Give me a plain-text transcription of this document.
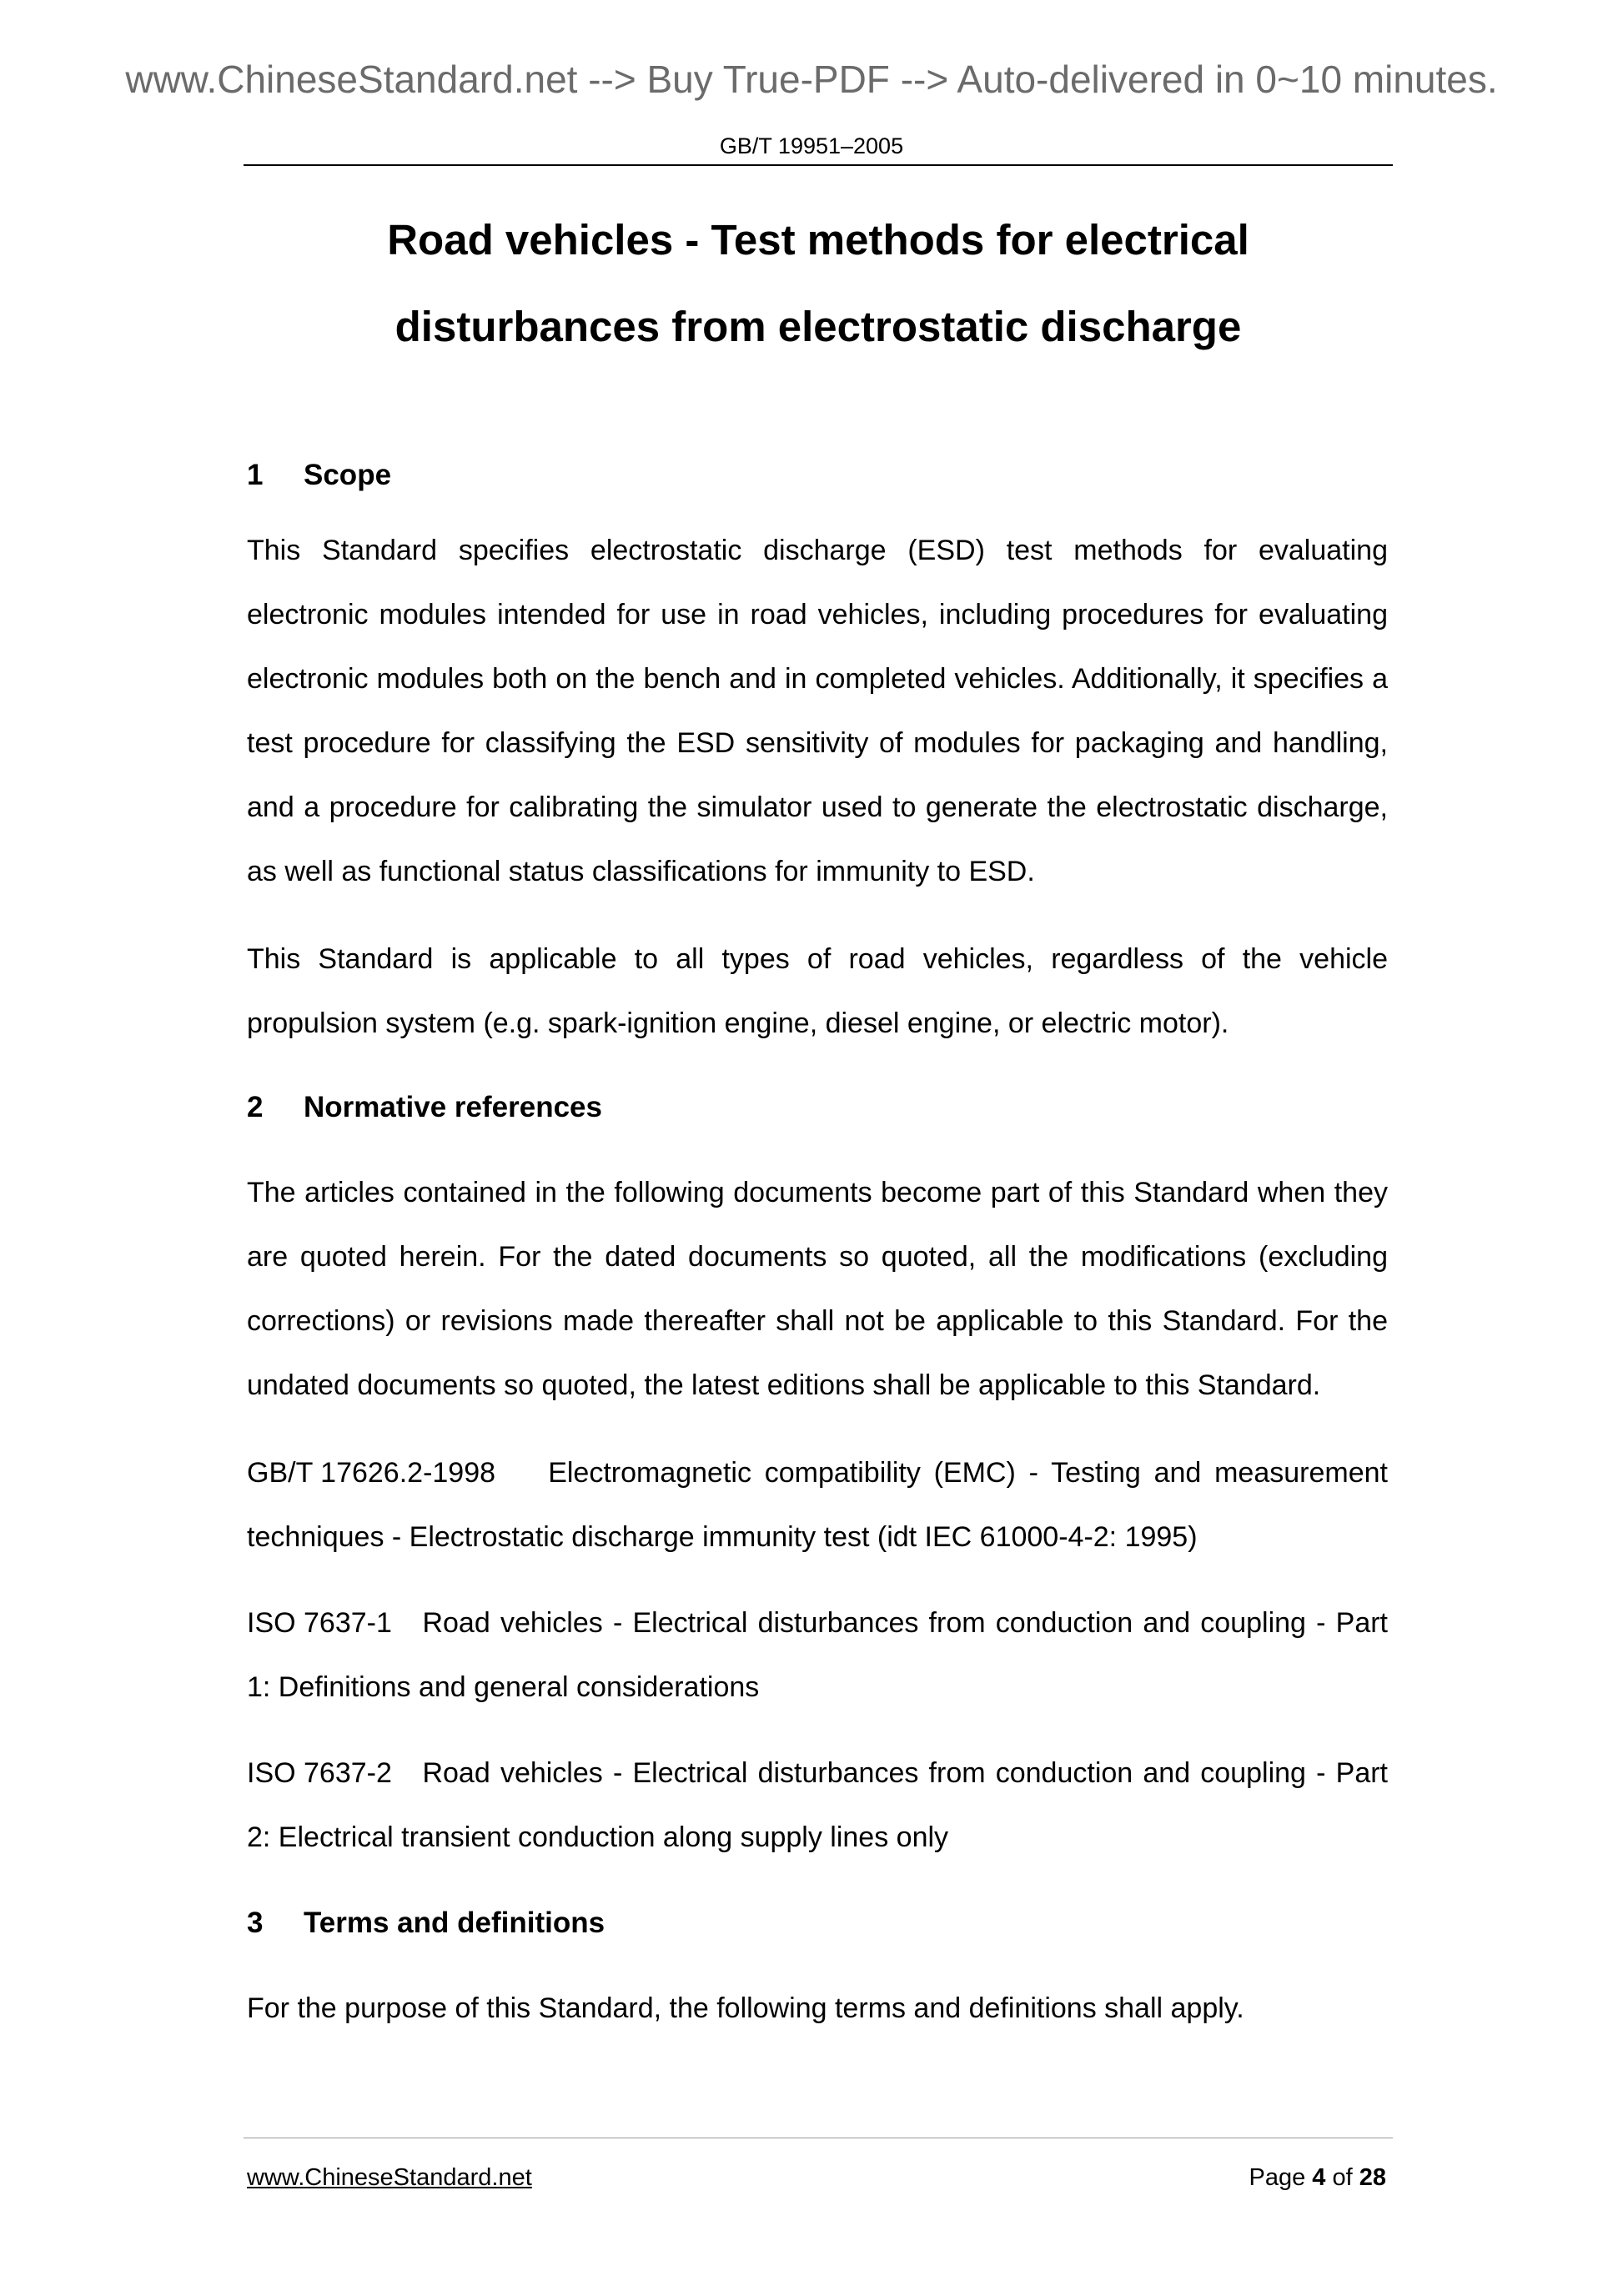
www.ChineseStandard.net --> Buy True-PDF --> Auto-delivered in 0~10 minutes.
GB/T 19951–2005
Road vehicles - Test methods for electrical
disturbances from electrostatic discharge
1 Scope
This Standard specifies electrostatic discharge (ESD) test methods for evaluating electronic modules intended for use in road vehicles, including procedures for evaluating electronic modules both on the bench and in completed vehicles. Additionally, it specifies a test procedure for classifying the ESD sensitivity of modules for packaging and handling, and a procedure for calibrating the simulator used to generate the electrostatic discharge, as well as functional status classifications for immunity to ESD.
This Standard is applicable to all types of road vehicles, regardless of the vehicle propulsion system (e.g. spark-ignition engine, diesel engine, or electric motor).
2 Normative references
The articles contained in the following documents become part of this Standard when they are quoted herein. For the dated documents so quoted, all the modifications (excluding corrections) or revisions made thereafter shall not be applicable to this Standard. For the undated documents so quoted, the latest editions shall be applicable to this Standard.
GB/T 17626.2-1998 Electromagnetic compatibility (EMC) - Testing and measurement techniques - Electrostatic discharge immunity test (idt IEC 61000-4-2: 1995)
ISO 7637-1 Road vehicles - Electrical disturbances from conduction and coupling - Part 1: Definitions and general considerations
ISO 7637-2 Road vehicles - Electrical disturbances from conduction and coupling - Part 2: Electrical transient conduction along supply lines only
3 Terms and definitions
For the purpose of this Standard, the following terms and definitions shall apply.
www.ChineseStandard.net	Page 4 of 28
